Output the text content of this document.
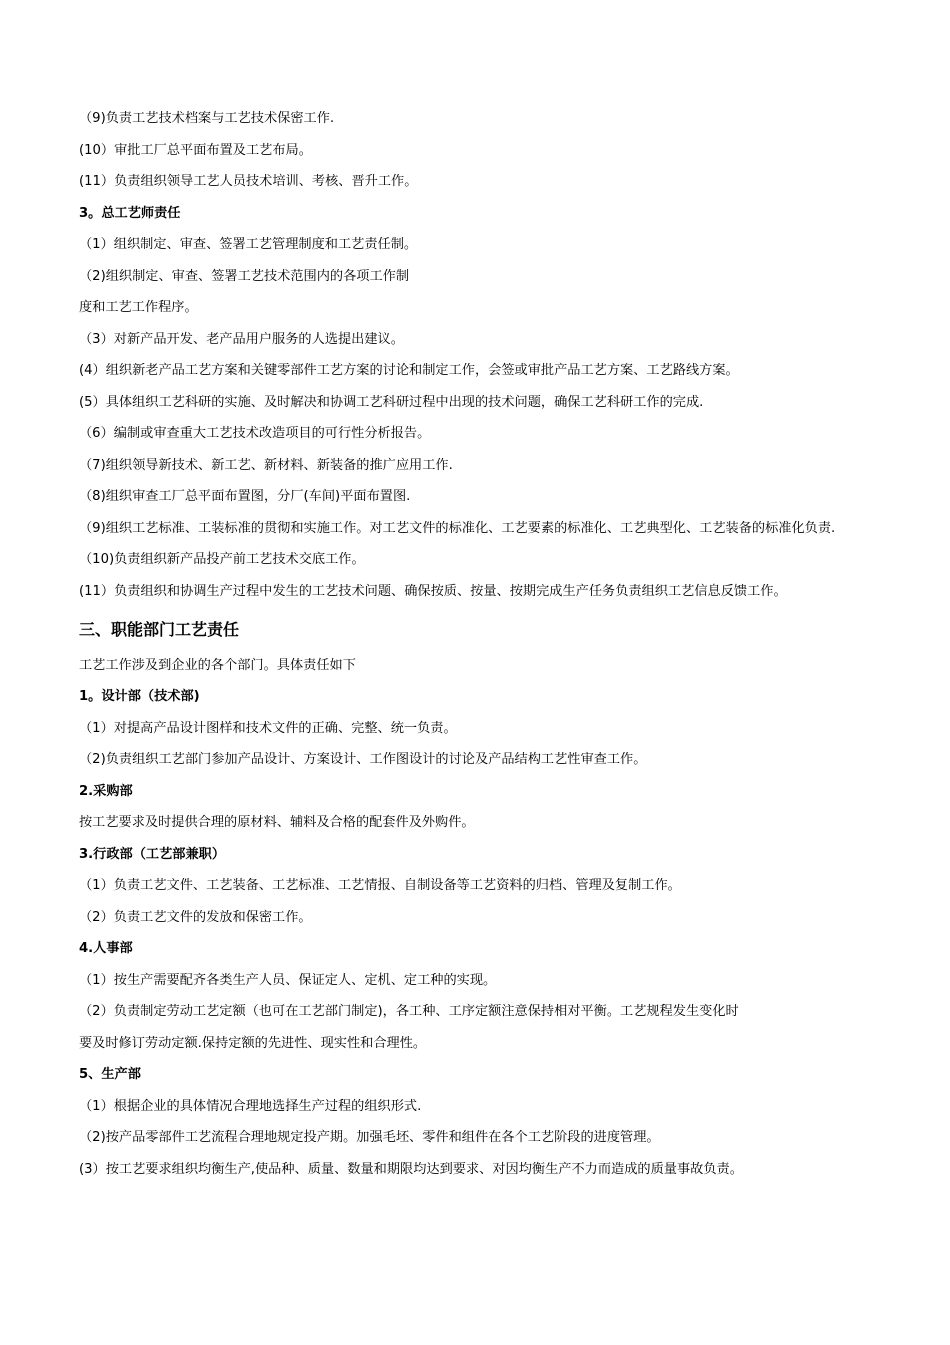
（9)负责工艺技术档案与工艺技术保密工作.

(10）审批工厂总平面布置及工艺布局。

(11）负责组织领导工艺人员技术培训、考核、晋升工作。

3。总工艺师责任

（1）组织制定、审查、签署工艺管理制度和工艺责任制。

（2)组织制定、审查、签署工艺技术范围内的各项工作制

度和工艺工作程序。

（3）对新产品开发、老产品用户服务的人选提出建议。

(4）组织新老产品工艺方案和关键零部件工艺方案的讨论和制定工作，会签或审批产品工艺方案、工艺路线方案。

(5）具体组织工艺科研的实施、及时解决和协调工艺科研过程中出现的技术问题，确保工艺科研工作的完成.

（6）编制或审查重大工艺技术改造项目的可行性分析报告。

（7)组织领导新技术、新工艺、新材料、新装备的推广应用工作.

（8)组织审查工厂总平面布置图，分厂(车间)平面布置图.

（9)组织工艺标准、工装标准的贯彻和实施工作。对工艺文件的标准化、工艺要素的标准化、工艺典型化、工艺装备的标准化负责.

（10)负责组织新产品投产前工艺技术交底工作。

(11）负责组织和协调生产过程中发生的工艺技术问题、确保按质、按量、按期完成生产任务负责组织工艺信息反馈工作。

三、职能部门工艺责任

工艺工作涉及到企业的各个部门。具体责任如下

1。设计部（技术部)

（1）对提高产品设计图样和技术文件的正确、完整、统一负责。

（2)负责组织工艺部门参加产品设计、方案设计、工作图设计的讨论及产品结构工艺性审查工作。

2.采购部

按工艺要求及时提供合理的原材料、辅料及合格的配套件及外购件。

3.行政部（工艺部兼职）

（1）负责工艺文件、工艺装备、工艺标准、工艺情报、自制设备等工艺资料的归档、管理及复制工作。

（2）负责工艺文件的发放和保密工作。

4.人事部

（1）按生产需要配齐各类生产人员、保证定人、定机、定工种的实现。

（2）负责制定劳动工艺定额（也可在工艺部门制定)，各工种、工序定额注意保持相对平衡。工艺规程发生变化时

要及时修订劳动定额.保持定额的先进性、现实性和合理性。

5、生产部

（1）根据企业的具体情况合理地选择生产过程的组织形式.

（2)按产品零部件工艺流程合理地规定投产期。加强毛坯、零件和组件在各个工艺阶段的进度管理。

(3）按工艺要求组织均衡生产,使品种、质量、数量和期限均达到要求、对因均衡生产不力而造成的质量事故负责。
